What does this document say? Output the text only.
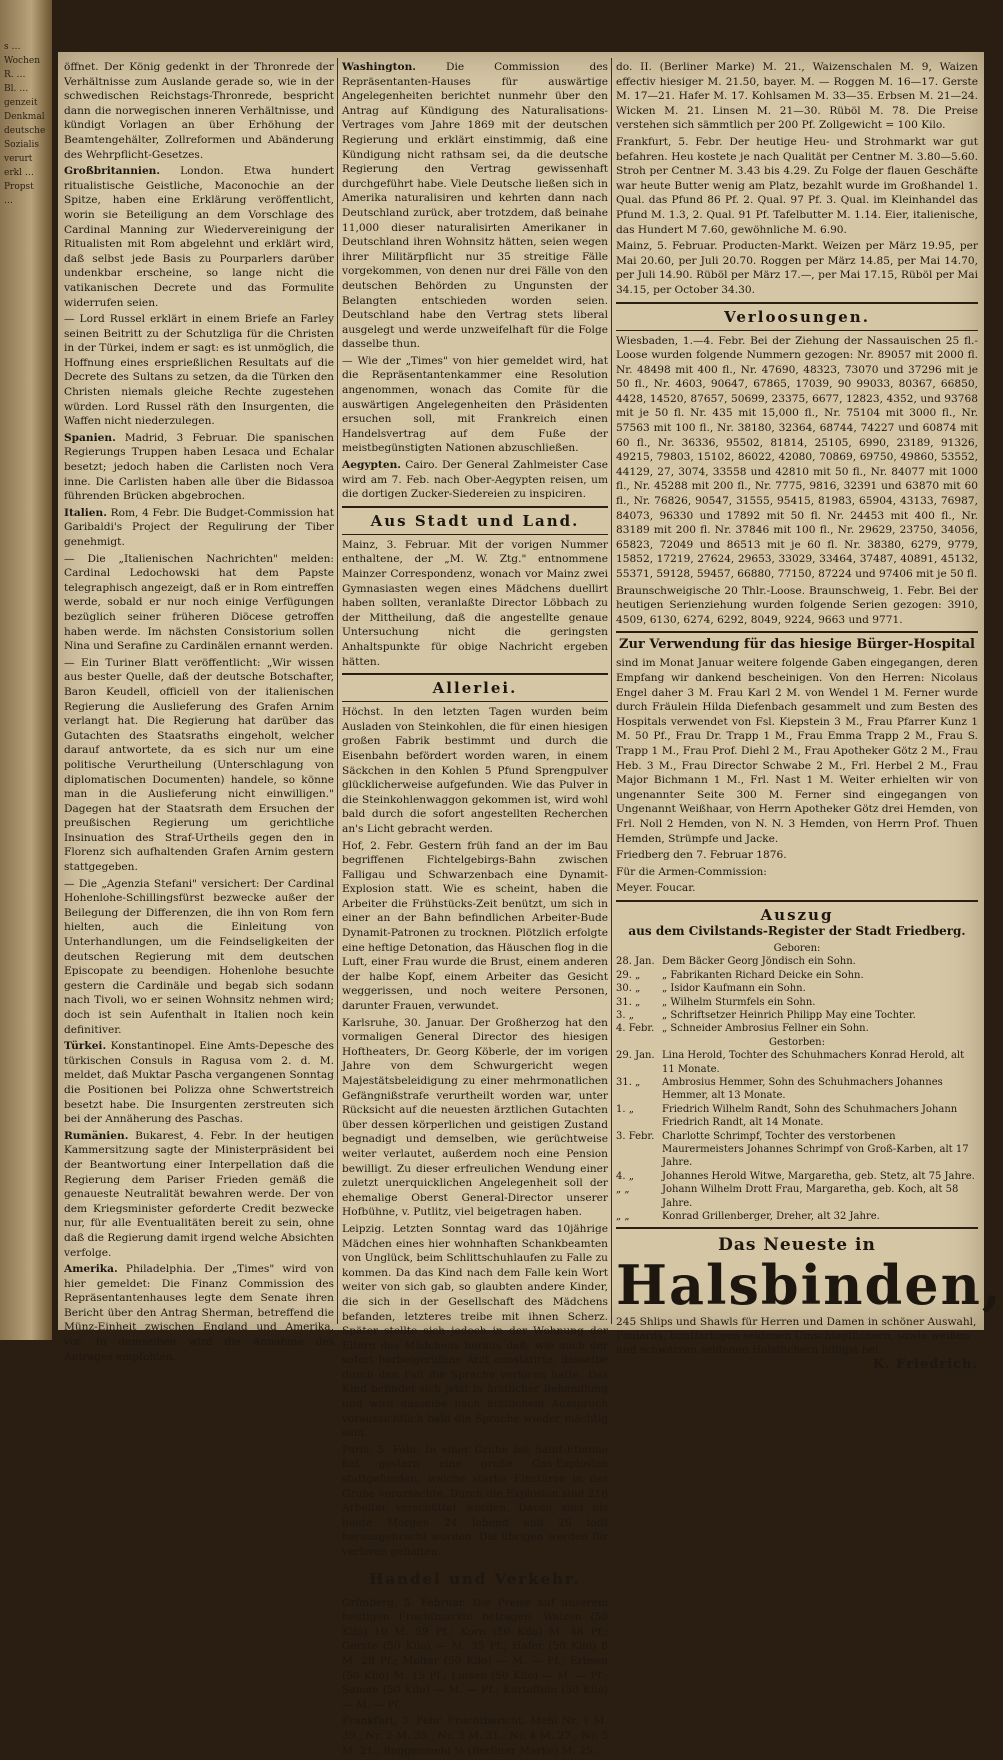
s …
Wochen
R. …
Bl. …
genzeit
Denkmal
deutsche
Sozialis
verurt
erkl …
Propst
…

öffnet. Der König gedenkt in der Thronrede der Verhältnisse zum Auslande gerade so, wie in der schwedischen Reichstags-Thronrede, bespricht dann die norwegischen inneren Verhältnisse, und kündigt Vorlagen an über Erhöhung der Beamtengehälter, Zollreformen und Abänderung des Wehrpflicht-Gesetzes.

Großbritannien. London. Etwa hundert ritualistische Geistliche, Maconochie an der Spitze, haben eine Erklärung veröffentlicht, worin sie Beteiligung an dem Vorschlage des Cardinal Manning zur Wiedervereinigung der Ritualisten mit Rom abgelehnt und erklärt wird, daß selbst jede Basis zu Pourparlers darüber undenkbar erscheine, so lange nicht die vatikanischen Decrete und das Formulite widerrufen seien.

— Lord Russel erklärt in einem Briefe an Farley seinen Beitritt zu der Schutzliga für die Christen in der Türkei, indem er sagt: es ist unmöglich, die Hoffnung eines ersprießlichen Resultats auf die Decrete des Sultans zu setzen, da die Türken den Christen niemals gleiche Rechte zugestehen würden. Lord Russel räth den Insurgenten, die Waffen nicht niederzulegen.

Spanien. Madrid, 3 Februar. Die spanischen Regierungs Truppen haben Lesaca und Echalar besetzt; jedoch haben die Carlisten noch Vera inne. Die Carlisten haben alle über die Bidassoa führenden Brücken abgebrochen.

Italien. Rom, 4 Febr. Die Budget-Commission hat Garibaldi's Project der Regulirung der Tiber genehmigt.

— Die „Italienischen Nachrichten" melden: Cardinal Ledochowski hat dem Papste telegraphisch angezeigt, daß er in Rom eintreffen werde, sobald er nur noch einige Verfügungen bezüglich seiner früheren Diöcese getroffen haben werde. Im nächsten Consistorium sollen Nina und Serafine zu Cardinälen ernannt werden.

— Ein Turiner Blatt veröffentlicht: „Wir wissen aus bester Quelle, daß der deutsche Botschafter, Baron Keudell, officiell von der italienischen Regierung die Auslieferung des Grafen Arnim verlangt hat. Die Regierung hat darüber das Gutachten des Staatsraths eingeholt, welcher darauf antwortete, da es sich nur um eine politische Verurtheilung (Unterschlagung von diplomatischen Documenten) handele, so könne man in die Auslieferung nicht einwilligen." Dagegen hat der Staatsrath dem Ersuchen der preußischen Regierung um gerichtliche Insinuation des Straf-Urtheils gegen den in Florenz sich aufhaltenden Grafen Arnim gestern stattgegeben.

— Die „Agenzia Stefani" versichert: Der Cardinal Hohenlohe-Schillingsfürst bezwecke außer der Beilegung der Differenzen, die ihn von Rom fern hielten, auch die Einleitung von Unterhandlungen, um die Feindseligkeiten der deutschen Regierung mit dem deutschen Episcopate zu beendigen. Hohenlohe besuchte gestern die Cardinäle und begab sich sodann nach Tivoli, wo er seinen Wohnsitz nehmen wird; doch ist sein Aufenthalt in Italien noch kein definitiver.

Türkei. Konstantinopel. Eine Amts-Depesche des türkischen Consuls in Ragusa vom 2. d. M. meldet, daß Muktar Pascha vergangenen Sonntag die Positionen bei Polizza ohne Schwertstreich besetzt habe. Die Insurgenten zerstreuten sich bei der Annäherung des Paschas.

Rumänien. Bukarest, 4. Febr. In der heutigen Kammersitzung sagte der Ministerpräsident bei der Beantwortung einer Interpellation daß die Regierung dem Pariser Frieden gemäß die genaueste Neutralität bewahren werde. Der von dem Kriegsminister geforderte Credit bezwecke nur, für alle Eventualitäten bereit zu sein, ohne daß die Regierung damit irgend welche Absichten verfolge.

Amerika. Philadelphia. Der „Times" wird von hier gemeldet: Die Finanz Commission des Repräsentantenhauses legte dem Senate ihren Bericht über den Antrag Sherman, betreffend die Münz-Einheit zwischen England und Amerika, vor. In demselben wird die Annahme des Antrages empfohlen.

Washington.	Die Commission des Repräsentanten-Hauses für auswärtige Angelegenheiten berichtet nunmehr über den Antrag auf Kündigung des Naturalisations-Vertrages vom Jahre 1869 mit der deutschen Regierung und erklärt einstimmig, daß eine Kündigung nicht rathsam sei, da die deutsche Regierung den Vertrag gewissenhaft durchgeführt habe. Viele Deutsche ließen sich in Amerika naturalisiren und kehrten dann nach Deutschland zurück, aber trotzdem, daß beinahe 11,000 dieser naturalisirten Amerikaner in Deutschland ihren Wohnsitz hätten, seien wegen ihrer Militärpflicht nur 35 streitige Fälle vorgekommen, von denen nur drei Fälle von den deutschen Behörden zu Ungunsten der Belangten entschieden worden seien. Deutschland habe den Vertrag stets liberal ausgelegt und werde unzweifelhaft für die Folge dasselbe thun.

— Wie der „Times" von hier gemeldet wird, hat die Repräsentantenkammer eine Resolution angenommen, wonach das Comite für die auswärtigen Angelegenheiten den Präsidenten ersuchen soll, mit Frankreich einen Handelsvertrag auf dem Fuße der meistbegünstigten Nationen abzuschließen.

Aegypten. Cairo. Der General Zahlmeister Case wird am 7. Feb. nach Ober-Aegypten reisen, um die dortigen Zucker-Siedereien zu inspiciren.

Aus Stadt und Land.

Mainz, 3. Februar. Mit der vorigen Nummer enthaltene, der „M. W. Ztg." entnommene Mainzer Correspondenz, wonach vor Mainz zwei Gymnasiasten wegen eines Mädchens duellirt haben sollten, veranlaßte Director Löbbach zu der Mittheilung, daß die angestellte genaue Untersuchung nicht die geringsten Anhaltspunkte für obige Nachricht ergeben hätten.

Allerlei.

Höchst. In den letzten Tagen wurden beim Ausladen von Steinkohlen, die für einen hiesigen großen Fabrik bestimmt und durch die Eisenbahn befördert worden waren, in einem Säckchen in den Kohlen 5 Pfund Sprengpulver glücklicherweise aufgefunden. Wie das Pulver in die Steinkohlenwaggon gekommen ist, wird wohl bald durch die sofort angestellten Recherchen an's Licht gebracht werden.

Hof, 2. Febr. Gestern früh fand an der im Bau begriffenen Fichtelgebirgs-Bahn zwischen Falligau und Schwarzenbach eine Dynamit-Explosion statt. Wie es scheint, haben die Arbeiter die Frühstücks-Zeit benützt, um sich in einer an der Bahn befindlichen Arbeiter-Bude Dynamit-Patronen zu trocknen. Plötzlich erfolgte eine heftige Detonation, das Häuschen flog in die Luft, einer Frau wurde die Brust, einem anderen der halbe Kopf, einem Arbeiter das Gesicht weggerissen, und noch weitere Personen, darunter Frauen, verwundet.

Karlsruhe, 30. Januar. Der Großherzog hat den vormaligen General Director des hiesigen Hoftheaters, Dr. Georg Köberle, der im vorigen Jahre von dem Schwurgericht wegen Majestätsbeleidigung zu einer mehrmonatlichen Gefängnißstrafe verurtheilt worden war, unter Rücksicht auf die neuesten ärztlichen Gutachten über dessen körperlichen und geistigen Zustand begnadigt und demselben, wie gerüchtweise weiter verlautet, außerdem noch eine Pension bewilligt. Zu dieser erfreulichen Wendung einer zuletzt unerquicklichen Angelegenheit soll der ehemalige Oberst General-Director unserer Hofbühne, v. Putlitz, viel beigetragen haben.

Leipzig. Letzten Sonntag ward das 10jährige Mädchen eines hier wohnhaften Schankbeamten von Unglück, beim Schlittschuhlaufen zu Falle zu kommen. Da das Kind nach dem Falle kein Wort weiter von sich gab, so glaubten andere Kinder, die sich in der Gesellschaft des Mädchens befanden, letzteres treibe mit ihnen Scherz. Später stellte sich jedoch in der Wohnung der Eltern des Mädchens heraus daß, wie auch der sofort herbeigerufene Arzt constatirte, dasselbe durch den Fall die Sprache verloren hatte. Das Kind befindet sich jetzt in ärztlicher Behandlung und wird dasselbe nach ärztlichem Ausspruch voraussichtlich bald die Sprache wieder mächtig sein.

Paris, 5. Febr. In einer Grube bei Saint-Etienne hat gestern eine große Gas-Explosion stattgefunden, welche starke Einstürze in der Grube verursachte. Durch die Explosion sind 216 Arbeiter verschüttet worden. Davon sind bis heute Morgen 24 lebend und 26 todt herausgebracht worden. Die übrigen werden für verloren gehalten.

Handel und Verkehr.

Grünberg, 5. Februar. Die Preise auf unserem heutigen Fruchtmarkte betragen: Waizen (50 Kilo) 10 M. 59 Pf.; Korn (50 Kilo) M. 48 Pf.; Gerste (50 Kilo) — M. 35 Pf.; Hafer (50 Kilo) 8 M. 28 Pf.; Molter (50 Kilo) — M. — Pf.; Erbsen (50 Kilo) M. 15 Pf.; Linsen (50 Kilo) — M. — Pf.; Samen (50 Kilo) — M. — Pf.; Kartoffeln (50 Kilo) — M. — Pf.

Frankfurt, 3. Febr. Fruchtbericht. Mehl Nr. 1 M. 39., Nr. 2 M. 35., Nr. 3 M. 31., Nr. 4 M. 27., Nr. 5 M. 21., Roggenmehl ⅛ (Berliner Marke) M. 25.,

do. II. (Berliner Marke) M. 21., Waizenschalen M. 9, Waizen effectiv hiesiger M. 21.50, bayer. M. — Roggen M. 16—17. Gerste M. 17—21. Hafer M. 17. Kohlsamen M. 33—35. Erbsen M. 21—24. Wicken M. 21. Linsen M. 21—30. Rüböl M. 78. Die Preise verstehen sich sämmtlich per 200 Pf. Zollgewicht = 100 Kilo.

Frankfurt, 5. Febr. Der heutige Heu- und Strohmarkt war gut befahren. Heu kostete je nach Qualität per Centner M. 3.80—5.60. Stroh per Centner M. 3.43 bis 4.29. Zu Folge der flauen Geschäfte war heute Butter wenig am Platz, bezahlt wurde im Großhandel 1. Qual. das Pfund 86 Pf. 2. Qual. 97 Pf. 3. Qual. im Kleinhandel das Pfund M. 1.3, 2. Qual. 91 Pf. Tafelbutter M. 1.14. Eier, italienische, das Hundert M 7.60, gewöhnliche M. 6.90.

Mainz, 5. Februar. Producten-Markt. Weizen per März 19.95, per Mai 20.60, per Juli 20.70. Roggen per März 14.85, per Mai 14.70, per Juli 14.90. Rüböl per März 17.—, per Mai 17.15, Rüböl per Mai 34.15, per October 34.30.

Verloosungen.

Wiesbaden, 1.—4. Febr. Bei der Ziehung der Nassauischen 25 fl.-Loose wurden folgende Nummern gezogen: Nr. 89057 mit 2000 fl. Nr. 48498 mit 400 fl., Nr. 47690, 48323, 73070 und 37296 mit je 50 fl., Nr. 4603, 90647, 67865, 17039, 90 99033, 80367, 66850, 4428, 14520, 87657, 50699, 23375, 6677, 12823, 4352, und 93768 mit je 50 fl. Nr. 435 mit 15,000 fl., Nr. 75104 mit 3000 fl., Nr. 57563 mit 100 fl., Nr. 38180, 32364, 68744, 74227 und 60874 mit 60 fl., Nr. 36336, 95502, 81814, 25105, 6990, 23189, 91326, 49215, 79803, 15102, 86022, 42080, 70869, 69750, 49860, 53552, 44129, 27, 3074, 33558 und 42810 mit 50 fl., Nr. 84077 mit 1000 fl., Nr. 45288 mit 200 fl., Nr. 7775, 9816, 32391 und 63870 mit 60 fl., Nr. 76826, 90547, 31555, 95415, 81983, 65904, 43133, 76987, 84073, 96330 und 17892 mit 50 fl. Nr. 24453 mit 400 fl., Nr. 83189 mit 200 fl. Nr. 37846 mit 100 fl., Nr. 29629, 23750, 34056, 65823, 72049 und 86513 mit je 60 fl. Nr. 38380, 6279, 9779, 15852, 17219, 27624, 29653, 33029, 33464, 37487, 40891, 45132, 55371, 59128, 59457, 66880, 77150, 87224 und 97406 mit je 50 fl.

Braunschweigische 20 Thlr.-Loose. Braunschweig, 1. Febr. Bei der heutigen Serienziehung wurden folgende Serien gezogen: 3910, 4509, 6130, 6274, 6292, 8049, 9224, 9663 und 9771.

Zur Verwendung für das hiesige Bürger-Hospital

sind im Monat Januar weitere folgende Gaben eingegangen, deren Empfang wir dankend bescheinigen. Von den Herren: Nicolaus Engel daher 3 M. Frau Karl 2 M. von Wendel 1 M. Ferner wurde durch Fräulein Hilda Diefenbach gesammelt und zum Besten des Hospitals verwendet von Fsl. Kiepstein 3 M., Frau Pfarrer Kunz 1 M. 50 Pf., Frau Dr. Trapp 1 M., Frau Emma Trapp 2 M., Frau S. Trapp 1 M., Frau Prof. Diehl 2 M., Frau Apotheker Götz 2 M., Frau Heb. 3 M., Frau Director Schwabe 2 M., Frl. Herbel 2 M., Frau Major Bichmann 1 M., Frl. Nast 1 M. Weiter erhielten wir von ungenannter Seite 300 M. Ferner sind eingegangen von Ungenannt Weißhaar, von Herrn Apotheker Götz drei Hemden, von Frl. Noll 2 Hemden, von N. N. 3 Hemden, von Herrn Prof. Thuen Hemden, Strümpfe und Jacke.

Friedberg den 7. Februar 1876.

Für die Armen-Commission:

Meyer. Foucar.

Auszug
aus dem Civilstands-Register der Stadt Friedberg.
Geboren:
28. Jan. Dem Bäcker Georg Jöndisch ein Sohn.
29. „	„ Fabrikanten Richard Deicke ein Sohn.
30. „	„ Isidor Kaufmann ein Sohn.
31. „	„ Wilhelm Sturmfels ein Sohn.
3. „	„ Schriftsetzer Heinrich Philipp May eine Tochter.
4. Febr. „ Schneider Ambrosius Fellner ein Sohn.
Gestorben:
29. Jan. Lina Herold, Tochter des Schuhmachers Konrad Herold, alt 11 Monate.
31. „	Ambrosius Hemmer, Sohn des Schuhmachers Johannes Hemmer, alt 13 Monate.
1. „	Friedrich Wilhelm Randt, Sohn des Schuhmachers Johann Friedrich Randt, alt 14 Monate.
3. Febr. Charlotte Schrimpf, Tochter des verstorbenen Maurermeisters Johannes Schrimpf von Groß-Karben, alt 17 Jahre.
4. „	Johannes Herold Witwe, Margaretha, geb. Stetz, alt 75 Jahre.
„ „	Johann Wilhelm Drott Frau, Margaretha, geb. Koch, alt 58 Jahre.
„ „	Konrad Grillenberger, Dreher, alt 32 Jahre.
Das Neueste in
Halsbinden,
245 Shlips und Shawls für Herren und Damen in schöner Auswahl, Foulards, buntfarbigen seidenen Umschlagtüchern, sowie weißen und schwarzen seidenen Halstüchern billigst bei
K. Friedrich.
